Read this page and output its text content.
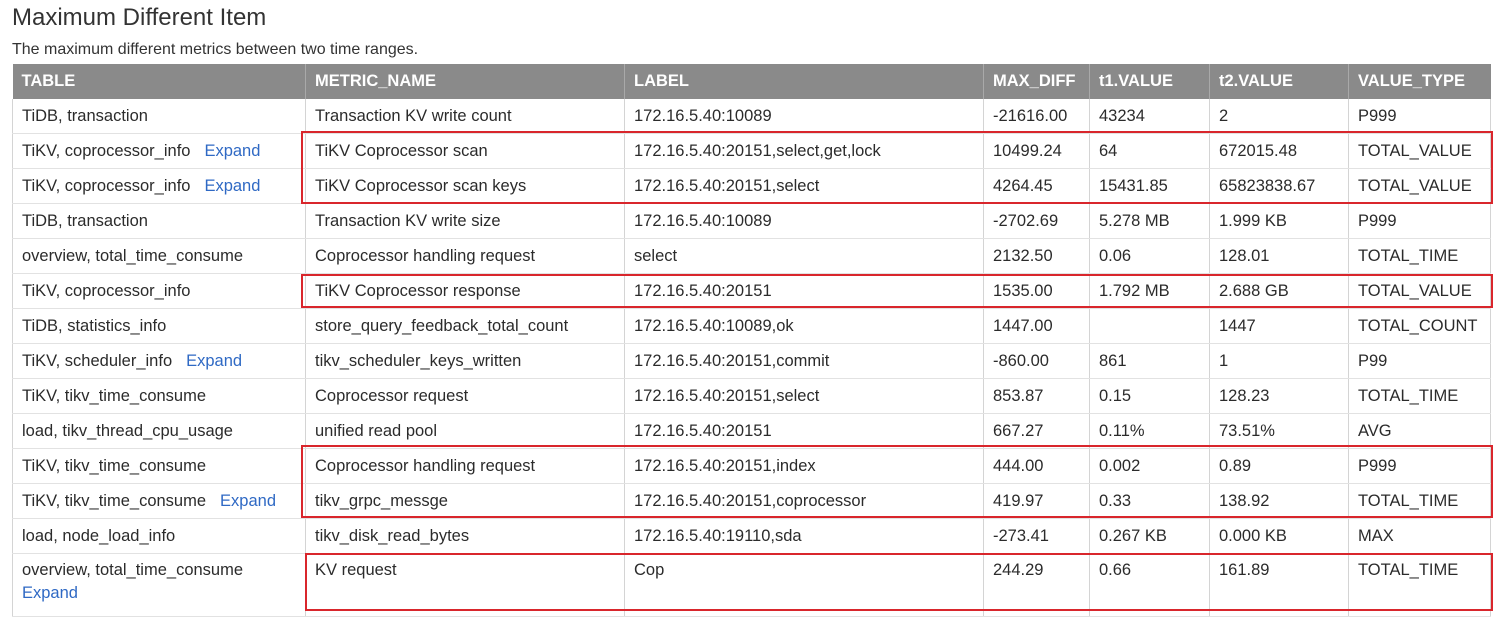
Maximum Different Item

The maximum different metrics between two time ranges.

TABLE	METRIC_NAME	LABEL	MAX_DIFF	t1.VALUE	t2.VALUE	VALUE_TYPE
TiDB, transaction	Transaction KV write count	172.16.5.40:10089	-21616.00	43234	2	P999
TiKV, coprocessor_info Expand	TiKV Coprocessor scan	172.16.5.40:20151,select,get,lock	10499.24	64	672015.48	TOTAL_VALUE
TiKV, coprocessor_info Expand	TiKV Coprocessor scan keys	172.16.5.40:20151,select	4264.45	15431.85	65823838.67	TOTAL_VALUE
TiDB, transaction	Transaction KV write size	172.16.5.40:10089	-2702.69	5.278 MB	1.999 KB	P999
overview, total_time_consume	Coprocessor handling request	select	2132.50	0.06	128.01	TOTAL_TIME
TiKV, coprocessor_info	TiKV Coprocessor response	172.16.5.40:20151	1535.00	1.792 MB	2.688 GB	TOTAL_VALUE
TiDB, statistics_info	store_query_feedback_total_count	172.16.5.40:10089,ok	1447.00		1447	TOTAL_COUNT
TiKV, scheduler_info Expand	tikv_scheduler_keys_written	172.16.5.40:20151,commit	-860.00	861	1	P99
TiKV, tikv_time_consume	Coprocessor request	172.16.5.40:20151,select	853.87	0.15	128.23	TOTAL_TIME
load, tikv_thread_cpu_usage	unified read pool	172.16.5.40:20151	667.27	0.11%	73.51%	AVG
TiKV, tikv_time_consume	Coprocessor handling request	172.16.5.40:20151,index	444.00	0.002	0.89	P999
TiKV, tikv_time_consume Expand	tikv_grpc_messge	172.16.5.40:20151,coprocessor	419.97	0.33	138.92	TOTAL_TIME
load, node_load_info	tikv_disk_read_bytes	172.16.5.40:19110,sda	-273.41	0.267 KB	0.000 KB	MAX
overview, total_time_consume
Expand	KV request	Cop	244.29	0.66	161.89	TOTAL_TIME
